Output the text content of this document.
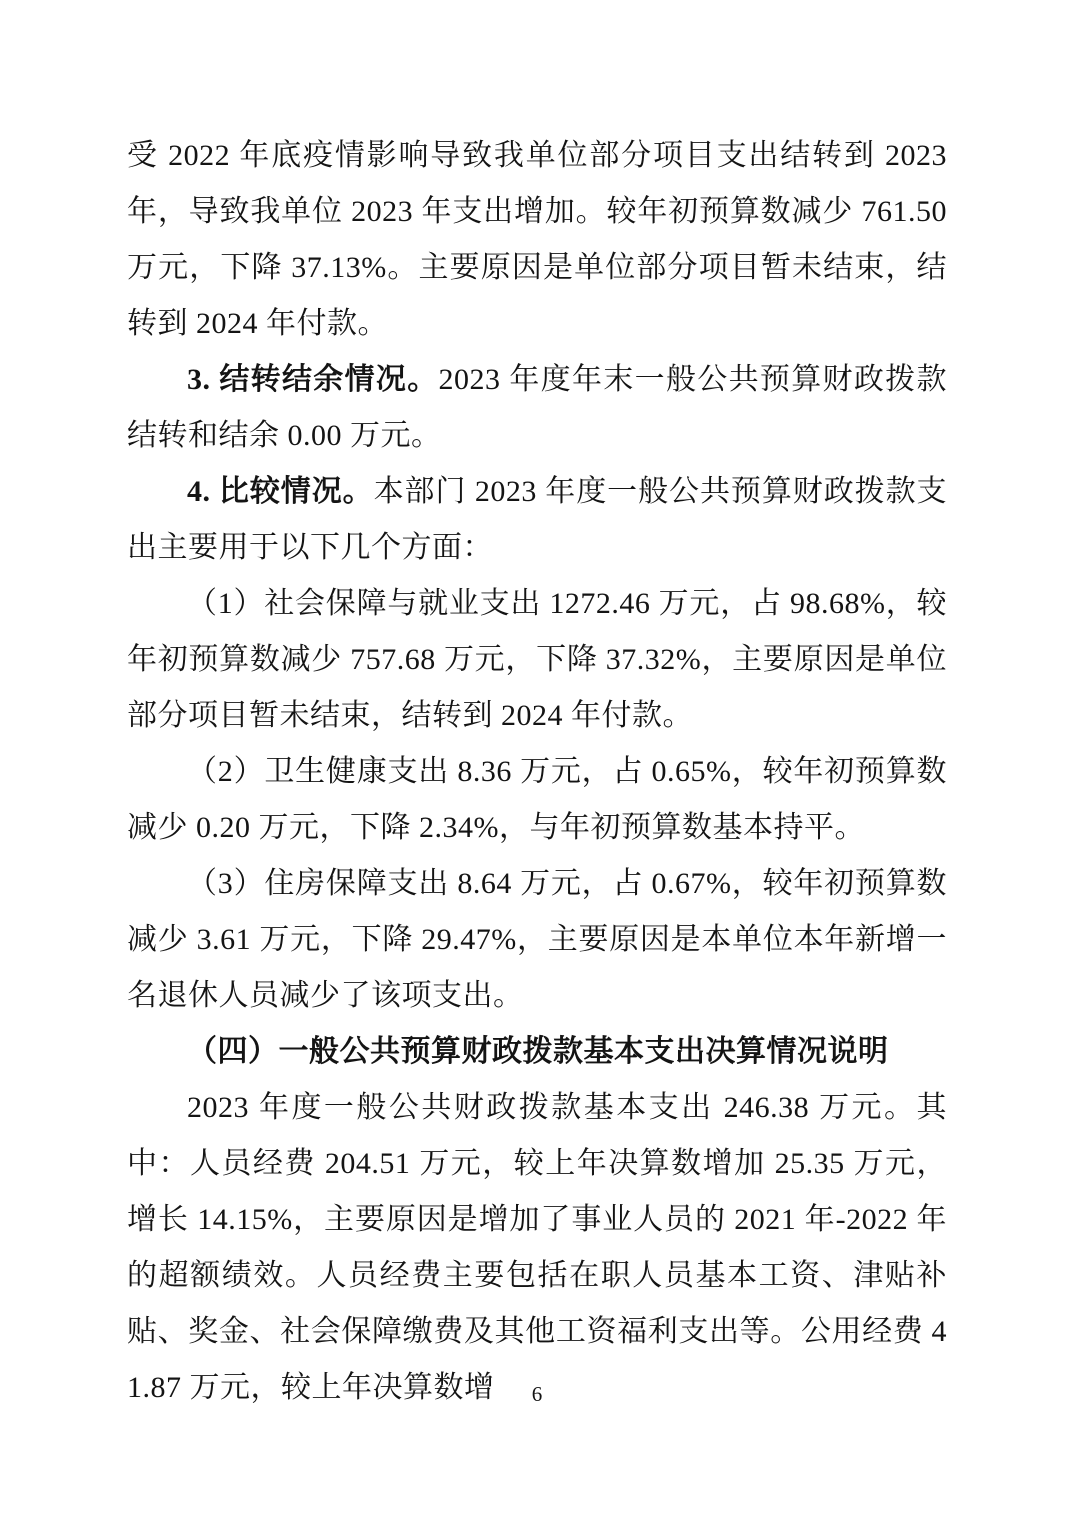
受 2022 年底疫情影响导致我单位部分项目支出结转到 2023 年，导致我单位 2023 年支出增加。较年初预算数减少 761.50 万元，下降 37.13%。主要原因是单位部分项目暂未结束，结转到 2024 年付款。

3. 结转结余情况。2023 年度年末一般公共预算财政拨款结转和结余 0.00 万元。

4. 比较情况。本部门 2023 年度一般公共预算财政拨款支出主要用于以下几个方面：

（1）社会保障与就业支出 1272.46 万元，占 98.68%，较年初预算数减少 757.68 万元，下降 37.32%，主要原因是单位部分项目暂未结束，结转到 2024 年付款。

（2）卫生健康支出 8.36 万元，占 0.65%，较年初预算数减少 0.20 万元，下降 2.34%，与年初预算数基本持平。

（3）住房保障支出 8.64 万元，占 0.67%，较年初预算数减少 3.61 万元，下降 29.47%，主要原因是本单位本年新增一名退休人员减少了该项支出。

（四）一般公共预算财政拨款基本支出决算情况说明

2023 年度一般公共财政拨款基本支出 246.38 万元。其中：人员经费 204.51 万元，较上年决算数增加 25.35 万元，增长 14.15%，主要原因是增加了事业人员的 2021 年-2022 年的超额绩效。人员经费主要包括在职人员基本工资、津贴补贴、奖金、社会保障缴费及其他工资福利支出等。公用经费 41.87 万元，较上年决算数增	6
